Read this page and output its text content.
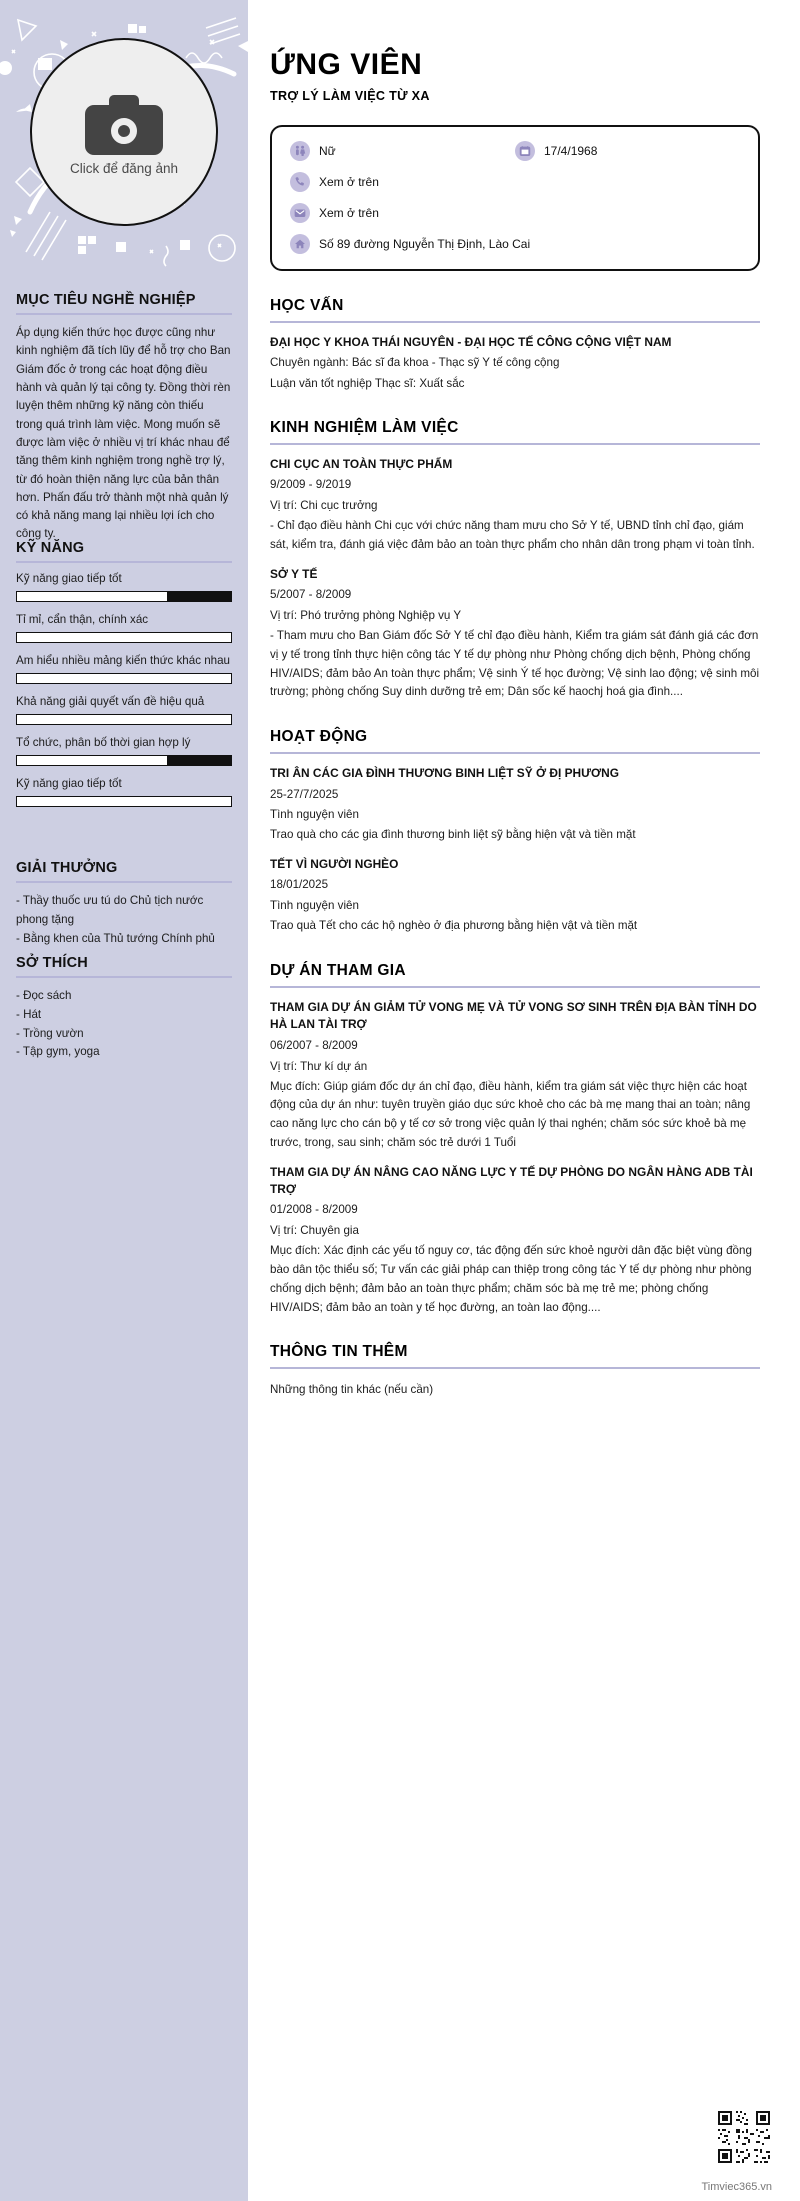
Click để đăng ảnh
MỤC TIÊU NGHỀ NGHIỆP
Áp dụng kiến thức học được cũng như kinh nghiệm đã tích lũy để hỗ trợ cho Ban Giám đốc ở trong các hoạt động điều hành và quản lý tại công ty. Đồng thời rèn luyện thêm những kỹ năng còn thiếu trong quá trình làm việc. Mong muốn sẽ được làm việc ở nhiều vị trí khác nhau để tăng thêm kinh nghiệm trong nghề trợ lý, từ đó hoàn thiện năng lực của bản thân hơn. Phấn đấu trở thành một nhà quản lý có khả năng mang lại nhiều lợi ích cho công ty.
KỸ NĂNG
Kỹ năng giao tiếp tốt
Tỉ mỉ, cẩn thận, chính xác
Am hiểu nhiều mảng kiến thức khác nhau
Khả năng giải quyết vấn đề hiệu quả
Tổ chức, phân bố thời gian hợp lý
Kỹ năng giao tiếp tốt
GIẢI THƯỞNG
- Thầy thuốc ưu tú do Chủ tịch nước phong tặng
- Bằng khen của Thủ tướng Chính phủ
SỞ THÍCH
- Đọc sách
- Hát
- Trồng vườn
- Tập gym, yoga
ỨNG VIÊN
TRỢ LÝ LÀM VIỆC TỪ XA
Nữ	17/4/1968
Xem ở trên
Xem ở trên
Số 89 đường Nguyễn Thị Định, Lào Cai
HỌC VẤN
ĐẠI HỌC Y KHOA THÁI NGUYÊN - ĐẠI HỌC TẾ CÔNG CỘNG VIỆT NAM
Chuyên ngành: Bác sĩ đa khoa - Thạc sỹ Y tế công cộng
Luận văn tốt nghiệp Thạc sĩ: Xuất sắc
KINH NGHIỆM LÀM VIỆC
CHI CỤC AN TOÀN THỰC PHẨM
9/2009 - 9/2019
Vị trí: Chi cục trưởng
- Chỉ đạo điều hành Chi cục với chức năng tham mưu cho Sở Y tế, UBND tỉnh chỉ đạo, giám sát, kiểm tra, đánh giá việc đảm bảo an toàn thực phẩm cho nhân dân trong phạm vi toàn tỉnh.
SỞ Y TẾ
5/2007 - 8/2009
Vị trí: Phó trưởng phòng Nghiệp vụ Y
- Tham mưu cho Ban Giám đốc Sở Y tế chỉ đạo điều hành, Kiểm tra giám sát đánh giá các đơn vị y tế trong tỉnh thực hiện công tác Y tế dự phòng như Phòng chống dịch bệnh, Phòng chống HIV/AIDS; đảm bảo An toàn thực phẩm; Vệ sinh Ý tế học đường; Vệ sinh lao động; vệ sinh môi trường; phòng chống Suy dinh dưỡng trẻ em; Dân sốc kế haochj hoá gia đình....
HOẠT ĐỘNG
TRI ÂN CÁC GIA ĐÌNH THƯƠNG BINH LIỆT SỸ Ở ĐỊ PHƯƠNG
25-27/7/2025
Tình nguyện viên
Trao quà cho các gia đình thương binh liệt sỹ bằng hiện vật và tiền mặt
TẾT VÌ NGƯỜI NGHÈO
18/01/2025
Tình nguyện viên
Trao quà Tết cho các hộ nghèo ở địa phương bằng hiện vật và tiền mặt
DỰ ÁN THAM GIA
THAM GIA DỰ ÁN GIẢM TỬ VONG MẸ VÀ TỬ VONG SƠ SINH TRÊN ĐỊA BÀN TỈNH DO HÀ LAN TÀI TRỢ
06/2007 - 8/2009
Vị trí: Thư kí dự án
Mục đích: Giúp giám đốc dự án chỉ đạo, điều hành, kiểm tra giám sát việc thực hiện các hoạt động của dự án như: tuyên truyền giáo dục sức khoẻ cho các bà mẹ mang thai an toàn; nâng cao năng lực cho cán bộ y tế cơ sở trong việc quản lý thai nghén; chăm sóc sức khoẻ bà mẹ trước, trong, sau sinh; chăm sóc trẻ dưới 1 Tuổi
THAM GIA DỰ ÁN NÂNG CAO NĂNG LỰC Y TẾ DỰ PHÒNG DO NGÂN HÀNG ADB TÀI TRỢ
01/2008 - 8/2009
Vị trí: Chuyên gia
Mục đích: Xác định các yếu tố nguy cơ, tác động đến sức khoẻ người dân đặc biệt vùng đồng bào dân tộc thiểu số; Tư vấn các giải pháp can thiệp trong công tác Y tế dự phòng như phòng chống dịch bệnh; đảm bảo an toàn thực phẩm; chăm sóc bà mẹ trẻ me; phòng chống HIV/AIDS; đảm bảo an toàn y tế học đường, an toàn lao động....
THÔNG TIN THÊM
Những thông tin khác (nếu cần)
Timviec365.vn
